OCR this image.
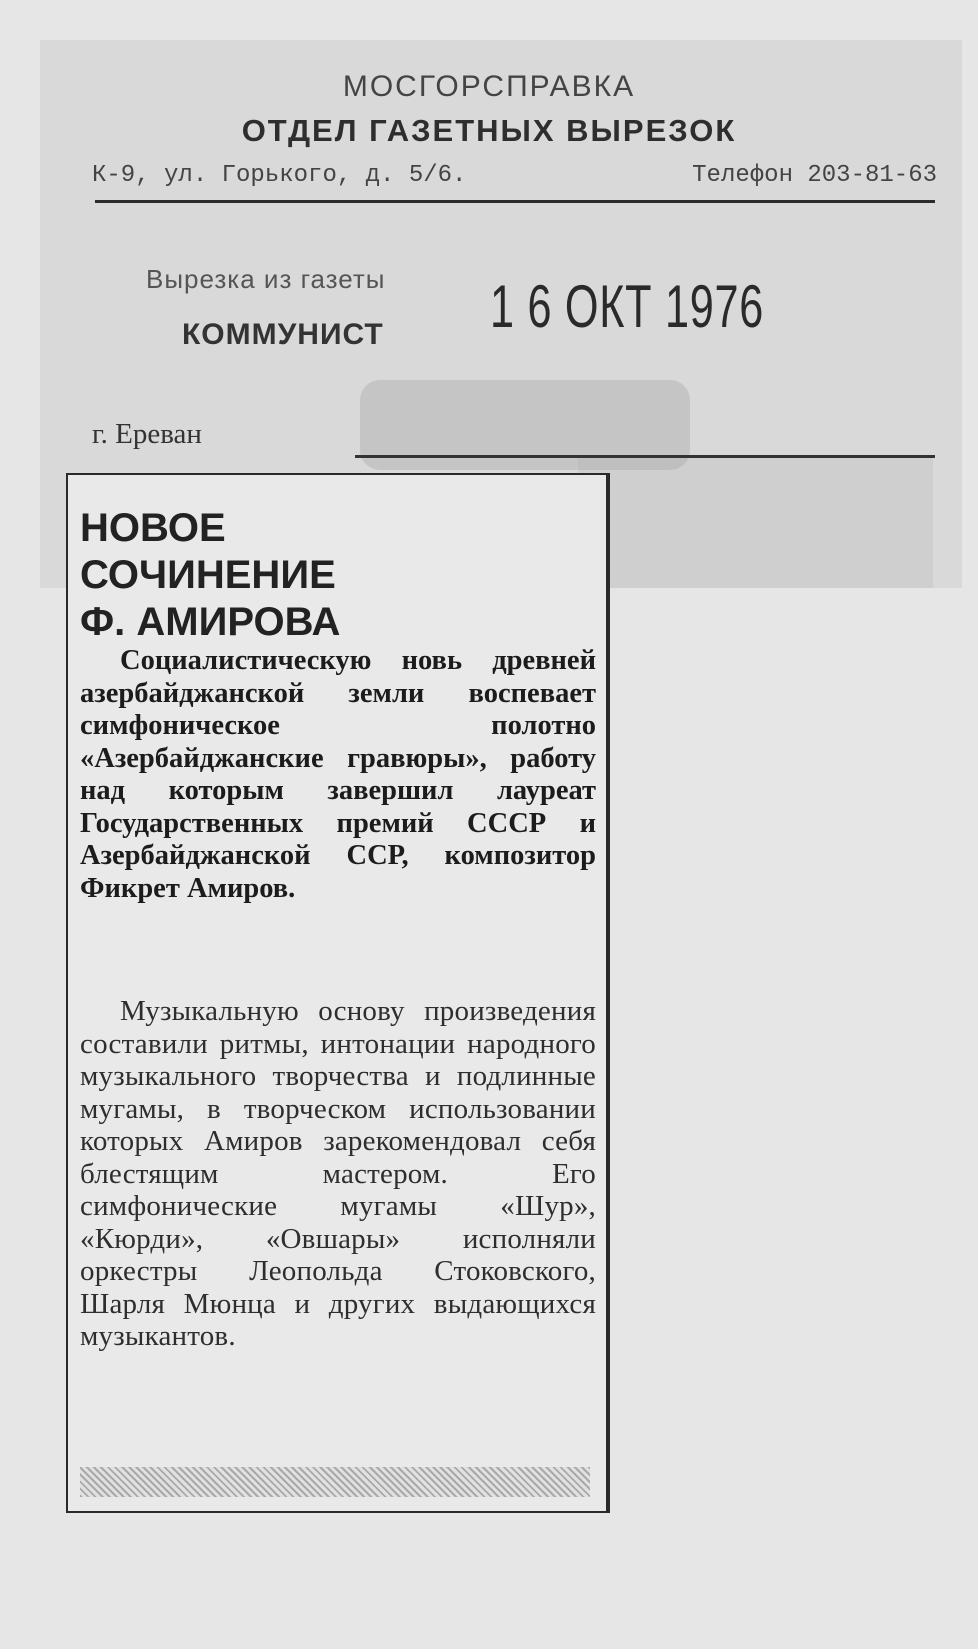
МОСГОРСПРАВКА
ОТДЕЛ ГАЗЕТНЫХ ВЫРЕЗОК
К-9, ул. Горького, д. 5/6.	Телефон 203-81-63
Вырезка из газеты
КОММУНИСТ 1 6 ОКТ 1976
г. Ереван
НОВОЕ
СОЧИНЕНИЕ
Ф. АМИРОВА

Социалистическую новь древней азербайджанской земли воспевает симфоническое полотно «Азербайджанские гравюры», работу над которым завершил лауреат Государственных премий СССР и Азербайджанской ССР, композитор Фикрет Амиров.

Музыкальную основу произведения составили ритмы, интонации народного музыкального творчества и подлинные мугамы, в творческом использовании которых Амиров зарекомендовал себя блестящим мастером. Его симфонические мугамы «Шур», «Кюрди», «Овшары» исполняли оркестры Леопольда Стоковского, Шарля Мюнца и других выдающихся музыкантов.
